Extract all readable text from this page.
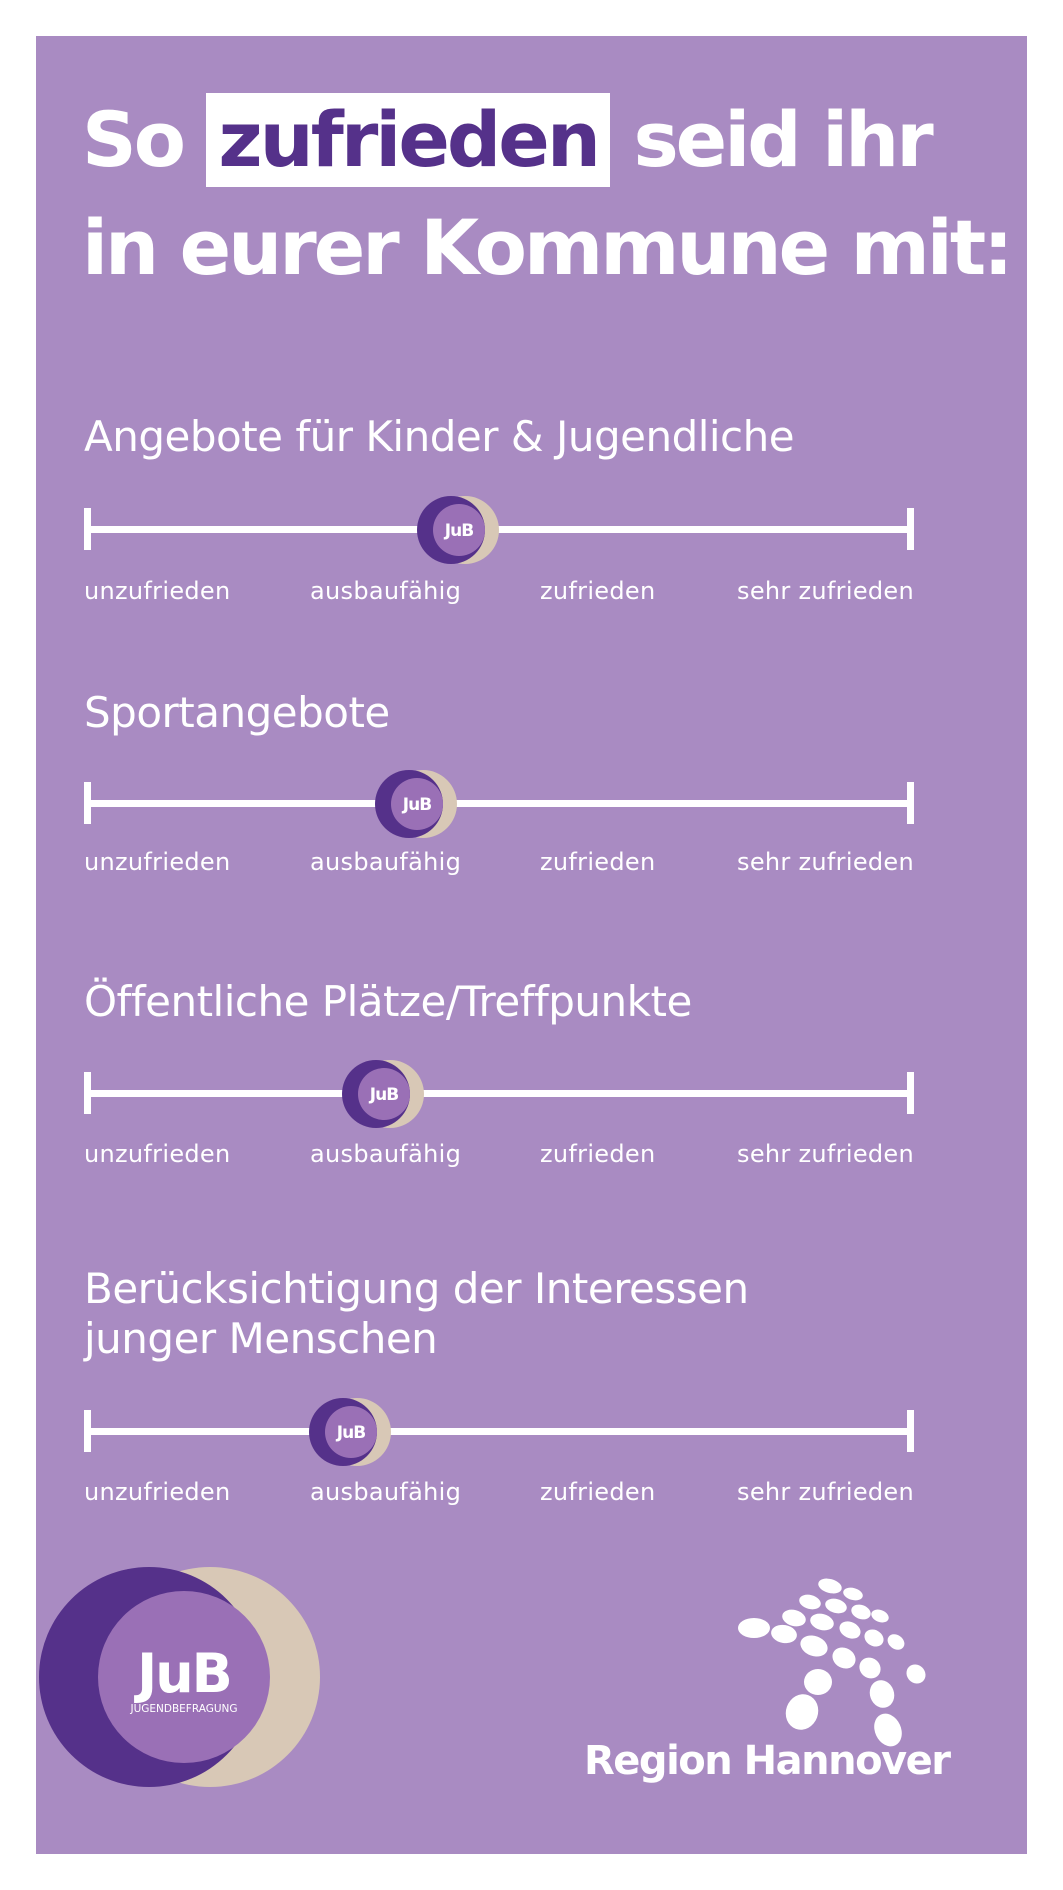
So zufrieden seid ihr
in eurer Kommune mit:
Angebote für Kinder & Jugendliche
JuB
unzufrieden	ausbaufähig	zufrieden	sehr zufrieden
Sportangebote
JuB
unzufrieden	ausbaufähig	zufrieden	sehr zufrieden
Öffentliche Plätze/Treffpunkte
JuB
unzufrieden	ausbaufähig	zufrieden	sehr zufrieden
Berücksichtigung der Interessen
junger Menschen
JuB
unzufrieden	ausbaufähig	zufrieden	sehr zufrieden
JuB
JUGENDBEFRAGUNG
Region Hannover
